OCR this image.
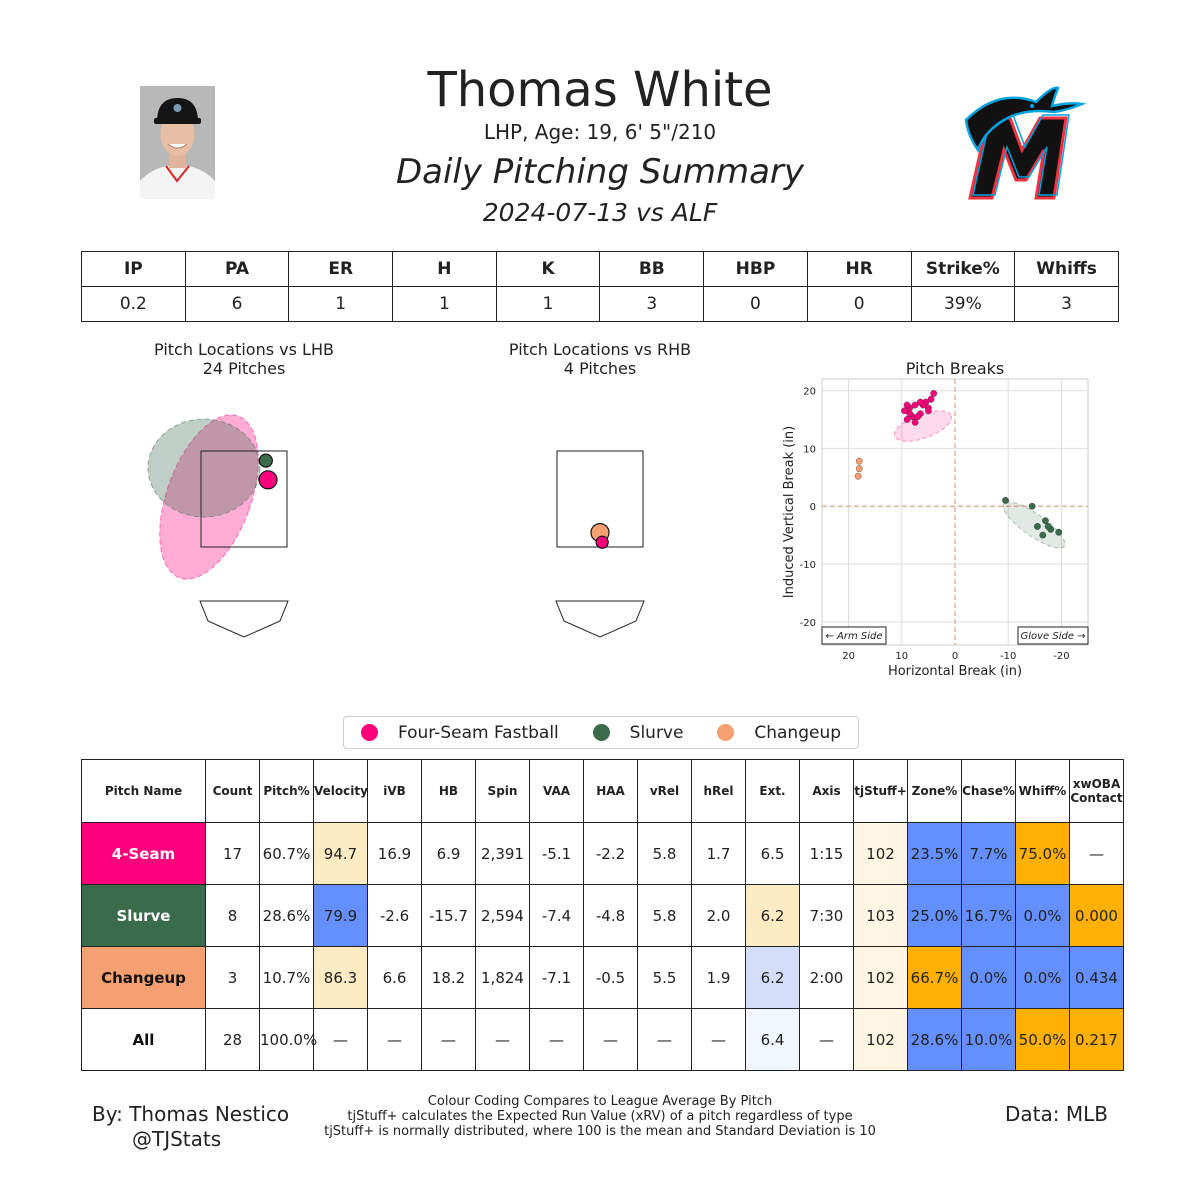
Thomas White
LHP, Age: 19, 6' 5"/210
Daily Pitching Summary
2024-07-13 vs ALF
IP	PA	ER	H	K	BB	HBP	HR	Strike%	Whiffs
0.2	6	1	1	1	3	0	0	39%	3
Pitch Locations vs LHB
24 Pitches
Pitch Locations vs RHB
4 Pitches	Pitch Breaks
20	10	0	-10	-20
20
10
0
-10
-20
← Arm Side	Glove Side →
Horizontal Break (in)
Induced Vertical Break (in)
Four-Seam Fastball	Slurve	Changeup
Pitch Name	Count	Pitch%	Velocity	iVB	HB	Spin	VAA	HAA	vRel	hRel	Ext.	Axis	tjStuff+	Zone%	Chase%	Whiff%	xwOBA Contact
4-Seam	17	60.7%	94.7	16.9	6.9	2,391	-5.1	-2.2	5.8	1.7	6.5	1:15	102	23.5%	7.7%	75.0%	—
Slurve	8	28.6%	79.9	-2.6	-15.7	2,594	-7.4	-4.8	5.8	2.0	6.2	7:30	103	25.0%	16.7%	0.0%	0.000
Changeup	3	10.7%	86.3	6.6	18.2	1,824	-7.1	-0.5	5.5	1.9	6.2	2:00	102	66.7%	0.0%	0.0%	0.434
All	28	100.0%	—	—	—	—	—	—	—	—	6.4	—	102	28.6%	10.0%	50.0%	0.217
By: Thomas Nestico
@TJStats
Colour Coding Compares to League Average By Pitch
tjStuff+ calculates the Expected Run Value (xRV) of a pitch regardless of type
tjStuff+ is normally distributed, where 100 is the mean and Standard Deviation is 10
Data: MLB
